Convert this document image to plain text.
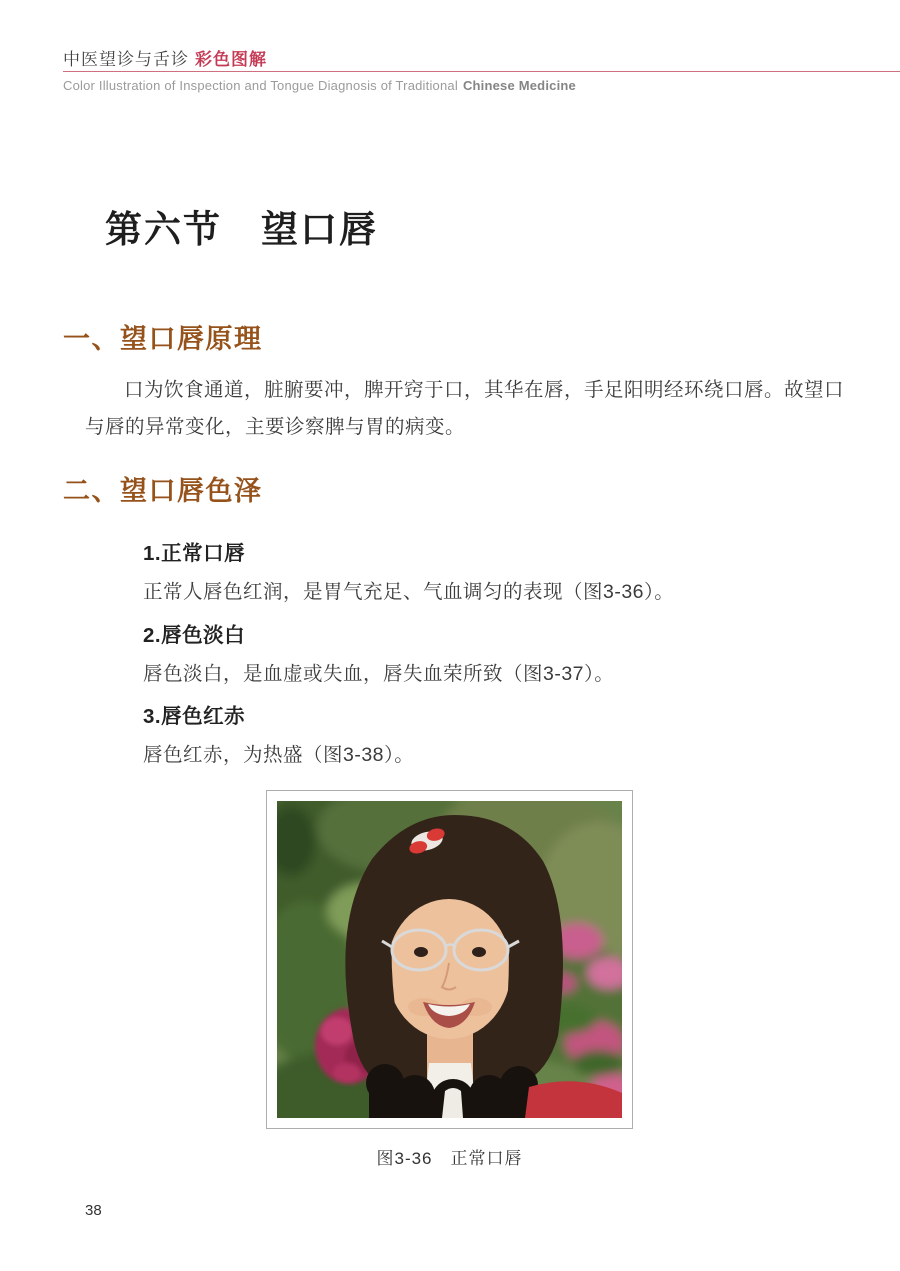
中医望诊与舌诊 彩色图解
Color Illustration of Inspection and Tongue Diagnosis of Traditional Chinese Medicine
第六节　望口唇
一、望口唇原理

口为饮食通道，脏腑要冲，脾开窍于口，其华在唇，手足阳明经环绕口唇。故望口与唇的异常变化，主要诊察脾与胃的病变。

二、望口唇色泽
1.正常口唇

正常人唇色红润，是胃气充足、气血调匀的表现（图3-36）。

2.唇色淡白

唇色淡白，是血虚或失血，唇失血荣所致（图3-37）。

3.唇色红赤

唇色红赤，为热盛（图3-38）。

图3-36　正常口唇
38
